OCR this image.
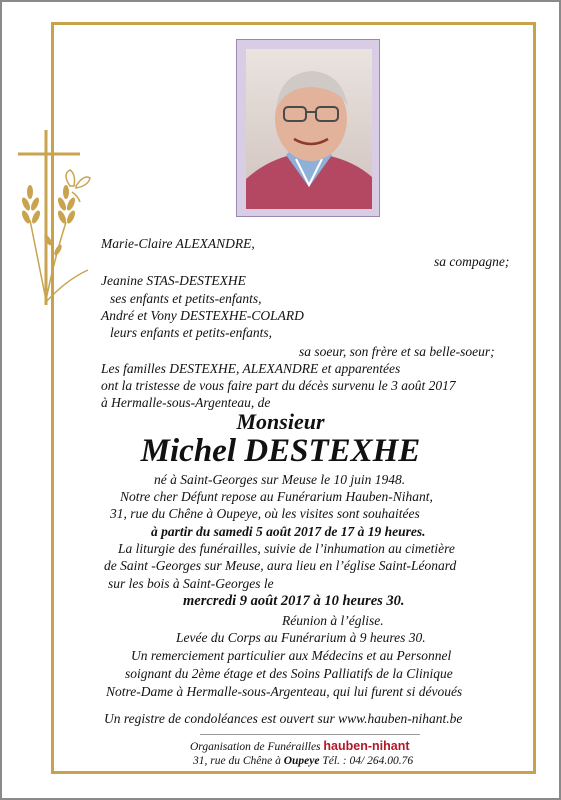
Marie-Claire ALEXANDRE,
sa compagne;
Jeanine STAS-DESTEXHE
ses enfants et petits-enfants,
André et Vony DESTEXHE-COLARD
leurs enfants et petits-enfants,
sa soeur, son frère et sa belle-soeur;
Les familles DESTEXHE, ALEXANDRE et apparentées
ont la tristesse de vous faire part du décès survenu le 3 août 2017
à Hermalle-sous-Argenteau, de
Monsieur
Michel DESTEXHE
né à Saint-Georges sur Meuse le 10 juin 1948.
Notre cher Défunt repose au Funérarium Hauben-Nihant,
31, rue du Chêne à Oupeye, où les visites sont souhaitées
à partir du samedi 5 août 2017 de 17 à 19 heures.
La liturgie des funérailles, suivie de l’inhumation au cimetière
de Saint -Georges sur Meuse, aura lieu en l’église Saint-Léonard
sur les bois à Saint-Georges le
mercredi 9 août 2017 à 10 heures 30.
Réunion à l’église.
Levée du Corps au Funérarium à 9 heures 30.
Un remerciement particulier aux Médecins et au Personnel
soignant du 2ème étage et des Soins Palliatifs de la Clinique
Notre-Dame à Hermalle-sous-Argenteau, qui lui furent si dévoués
Un registre de condoléances est ouvert sur www.hauben-nihant.be
Organisation de Funérailles hauben-nihant
31, rue du Chêne à Oupeye Tél. : 04/ 264.00.76
